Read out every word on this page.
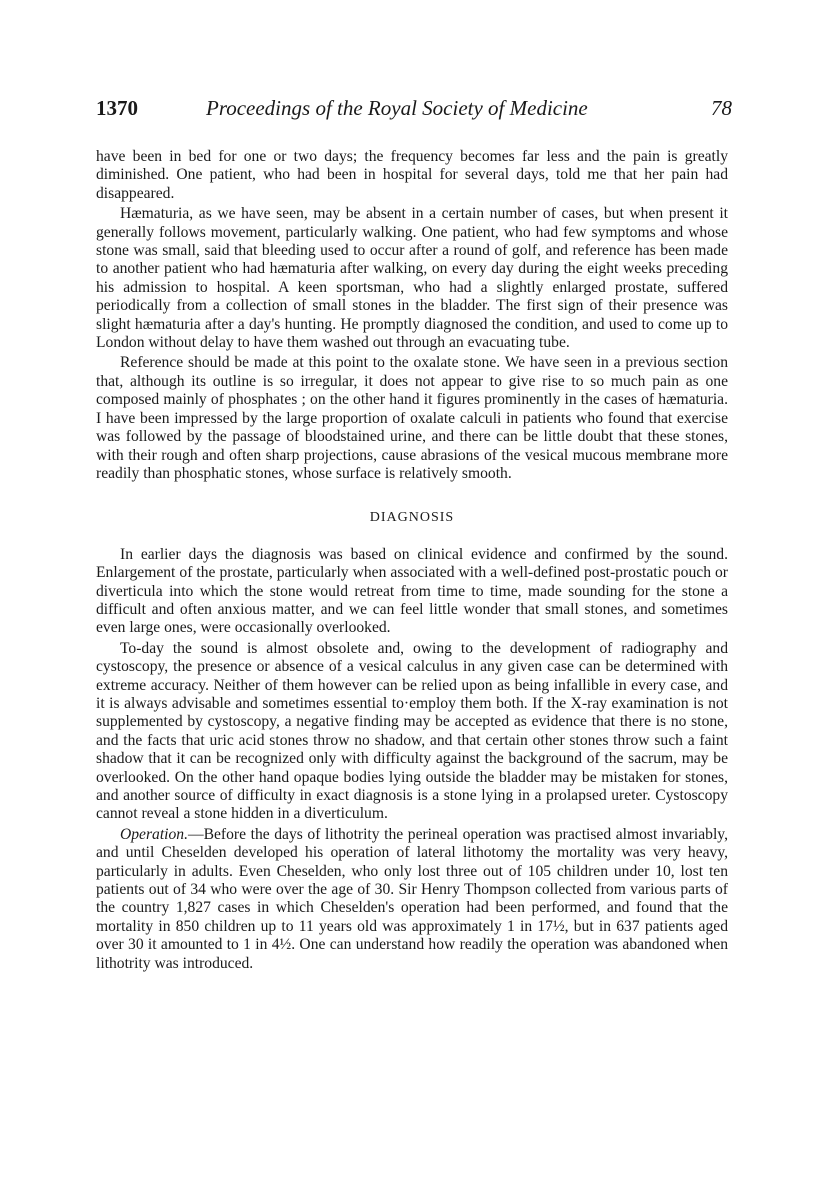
1370	Proceedings of the Royal Society of Medicine	78

have been in bed for one or two days; the frequency becomes far less and the pain is greatly diminished. One patient, who had been in hospital for several days, told me that her pain had disappeared.

Hæmaturia, as we have seen, may be absent in a certain number of cases, but when present it generally follows movement, particularly walking. One patient, who had few symptoms and whose stone was small, said that bleeding used to occur after a round of golf, and reference has been made to another patient who had hæmaturia after walking, on every day during the eight weeks preceding his admission to hospital. A keen sportsman, who had a slightly enlarged prostate, suffered periodically from a collection of small stones in the bladder. The first sign of their presence was slight hæmaturia after a day's hunting. He promptly diagnosed the condition, and used to come up to London without delay to have them washed out through an evacuating tube.

Reference should be made at this point to the oxalate stone. We have seen in a previous section that, although its outline is so irregular, it does not appear to give rise to so much pain as one composed mainly of phosphates ; on the other hand it figures prominently in the cases of hæmaturia. I have been impressed by the large proportion of oxalate calculi in patients who found that exercise was followed by the passage of bloodstained urine, and there can be little doubt that these stones, with their rough and often sharp projections, cause abrasions of the vesical mucous membrane more readily than phosphatic stones, whose surface is relatively smooth.

DIAGNOSIS

In earlier days the diagnosis was based on clinical evidence and confirmed by the sound. Enlargement of the prostate, particularly when associated with a well-defined post-prostatic pouch or diverticula into which the stone would retreat from time to time, made sounding for the stone a difficult and often anxious matter, and we can feel little wonder that small stones, and sometimes even large ones, were occasionally overlooked.

To-day the sound is almost obsolete and, owing to the development of radiography and cystoscopy, the presence or absence of a vesical calculus in any given case can be determined with extreme accuracy. Neither of them however can be relied upon as being infallible in every case, and it is always advisable and sometimes essential to·employ them both. If the X-ray examination is not supplemented by cystoscopy, a negative finding may be accepted as evidence that there is no stone, and the facts that uric acid stones throw no shadow, and that certain other stones throw such a faint shadow that it can be recognized only with difficulty against the background of the sacrum, may be overlooked. On the other hand opaque bodies lying outside the bladder may be mistaken for stones, and another source of difficulty in exact diagnosis is a stone lying in a prolapsed ureter. Cystoscopy cannot reveal a stone hidden in a diverticulum.

Operation.—Before the days of lithotrity the perineal operation was practised almost invariably, and until Cheselden developed his operation of lateral lithotomy the mortality was very heavy, particularly in adults. Even Cheselden, who only lost three out of 105 children under 10, lost ten patients out of 34 who were over the age of 30. Sir Henry Thompson collected from various parts of the country 1,827 cases in which Cheselden's operation had been performed, and found that the mortality in 850 children up to 11 years old was approximately 1 in 17½, but in 637 patients aged over 30 it amounted to 1 in 4½. One can understand how readily the operation was abandoned when lithotrity was introduced.
